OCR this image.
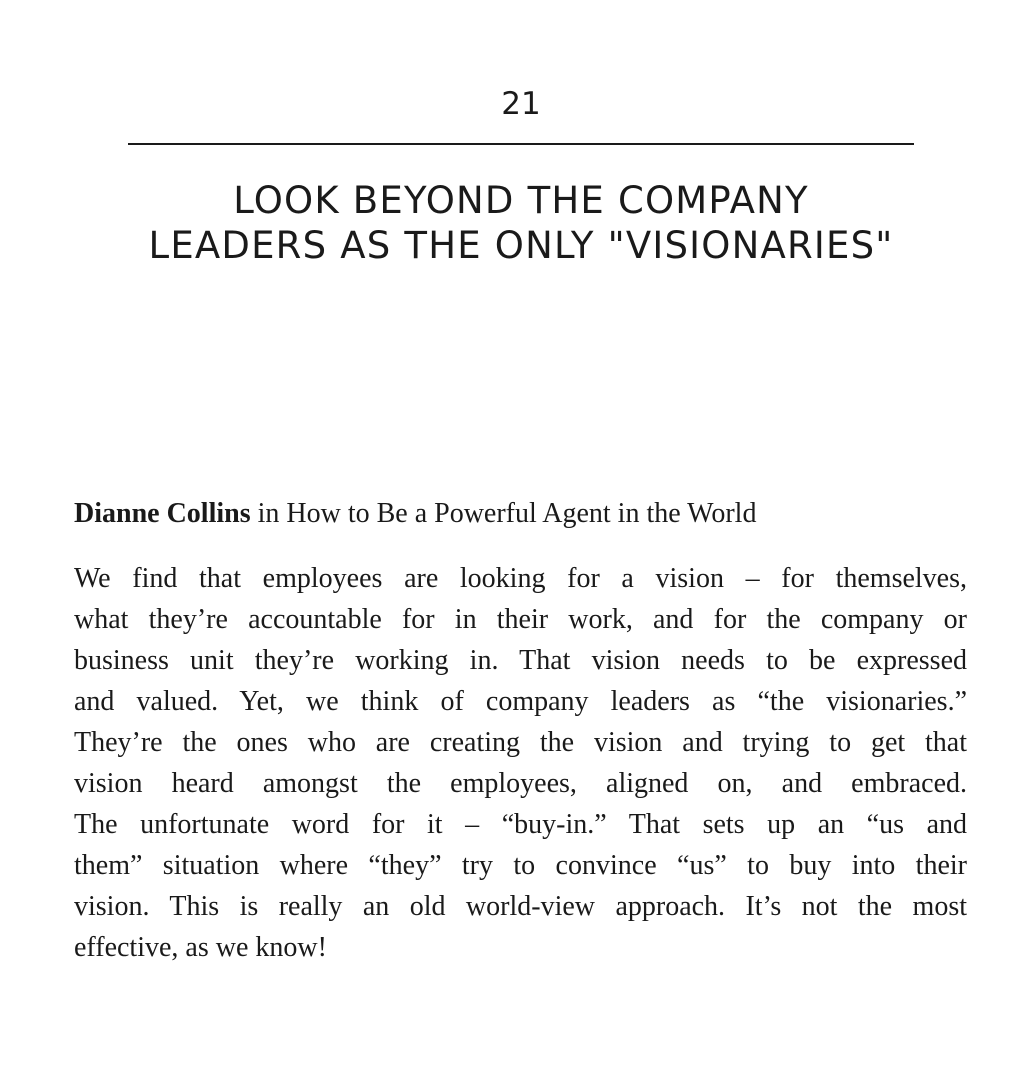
21
LOOK BEYOND THE COMPANY
LEADERS AS THE ONLY "VISIONARIES"

Dianne Collins in How to Be a Powerful Agent in the World

We find that employees are looking for a vision – for themselves,
what they’re accountable for in their work, and for the company or
business unit they’re working in. That vision needs to be expressed
and valued. Yet, we think of company leaders as “the visionaries.”
They’re the ones who are creating the vision and trying to get that
vision heard amongst the employees, aligned on, and embraced.
The unfortunate word for it – “buy-in.” That sets up an “us and
them” situation where “they” try to convince “us” to buy into their
vision. This is really an old world-view approach. It’s not the most
effective, as we know!
